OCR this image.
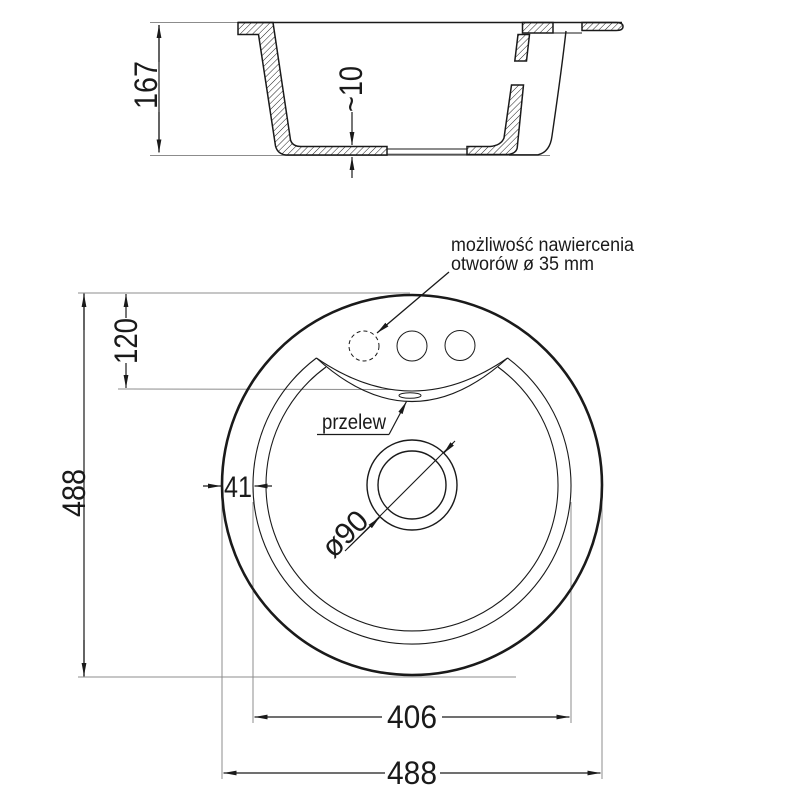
167	~10
możliwość nawiercenia
otworów ø 35 mm
przelew
488
120
41
ø90
406
488
